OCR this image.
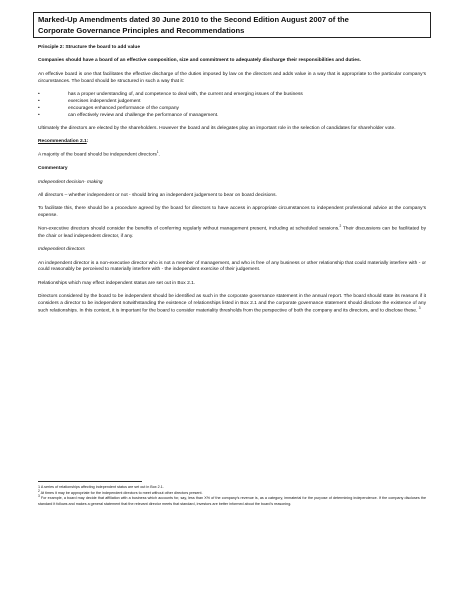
Marked-Up Amendments dated 30 June 2010 to the Second Edition August 2007 of the
Corporate Governance Principles and Recommendations

Principle 2: Structure the board to add value

Companies should have a board of an effective composition, size and commitment to adequately discharge their responsibilities and duties.

An effective board is one that facilitates the effective discharge of the duties imposed by law on the directors and adds value in a way that is appropriate to the particular company’s circumstances. The board should be structured in such a way that it:

• has a proper understanding of, and competence to deal with, the current and emerging issues of the business
• exercises independent judgement
• encourages enhanced performance of the company
• can effectively review and challenge the performance of management.

Ultimately the directors are elected by the shareholders. However the board and its delegates play an important role in the selection of candidates for shareholder vote.

Recommendation 2.1:

A majority of the board should be independent directors$^1$.

Commentary

Independent decision- making

All directors – whether independent or not - should bring an independent judgement to bear on board decisions.

To facilitate this, there should be a procedure agreed by the board for directors to have access in appropriate circumstances to independent professional advice at the company’s expense.

Non-executive directors should consider the benefits of conferring regularly without management present, including at scheduled sessions.$^2$ Their discussions can be facilitated by the chair or lead independent director, if any.

Independent directors

An independent director is a non-executive director who is not a member of management, and who is free of any business or other relationship that could materially interfere with - or could reasonably be perceived to materially interfere with - the independent exercise of their judgement.

Relationships which may effect independent status are set out in Box 2.1.

Directors considered by the board to be independent should be identified as such in the corporate governance statement in the annual report. The board should state its reasons if it considers a director to be independent notwithstanding the existence of relationships listed in Box 2.1 and the corporate governance statement should disclose the existence of any such relationships. In this context, it is important for the board to consider materiality thresholds from the perspective of both the company and its directors, and to disclose these. $^3$

1 A series of relationships affecting independent status are set out in Box 2.1.
$^2$ At times it may be appropriate for the independent directors to meet without other directors present.
$^3$ For example, a board may decide that affiliation with a business which accounts for, say, less than X% of the company’s revenue is, as a category, immaterial for the purpose of determining independence. If the company discloses the standard it follows and makes a general statement that the relevant director meets that standard, investors are better informed about the board’s reasoning.
